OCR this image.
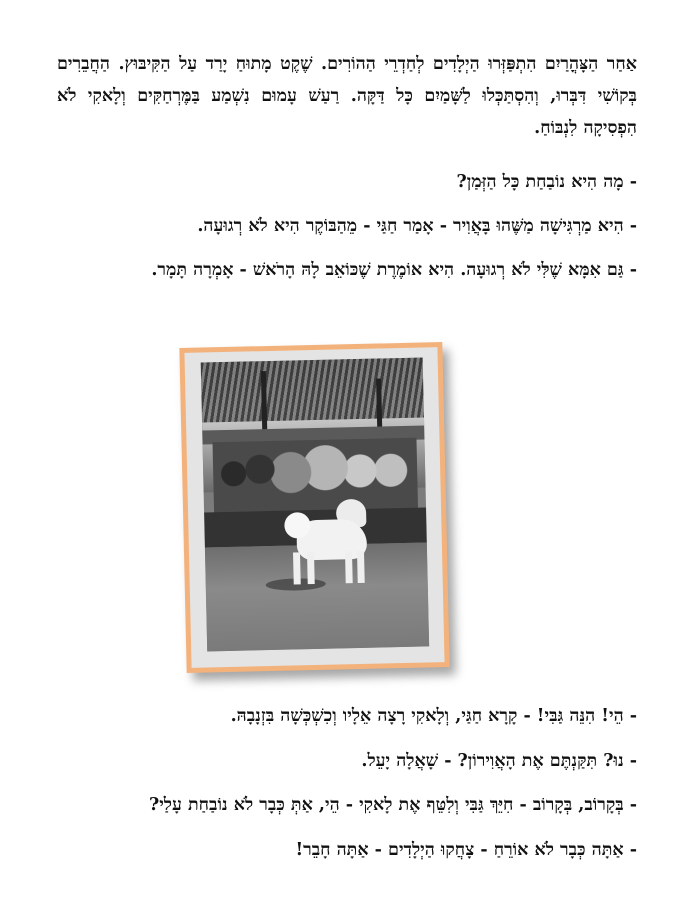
אַחַר הַצָּהֳרַיִם הִתְפַּזְּרוּ הַיְלָדִים לְחַדְרֵי הַהוֹרִים. שֶׁקֶט מָתוּחַ יָרַד עַל הַקִּיבּוּץ. הַחֲבֵרִים בְּקוֹשִׁי דִּבְּרוּ, וְהִסְתַּכְּלוּ לַשָּׁמַיִם כָּל דַּקָּה. רַעַשׁ עָמוּם נִשְׁמַע בַּמֶּרְחַקִּים וְלָאקִי לֹא הִפְסִיקָה לִנְבּוֹחַ.

- מָה הִיא נוֹבַחַת כָּל הַזְּמַן?
- הִיא מַרְגִּישָׁה מַשֶּׁהוּ בָּאֲוִיר - אָמַר חַגַּי - מֵהַבּוֹקֶר הִיא לֹא רְגוּעָה.
- גַּם אִמָּא שֶׁלִּי לֹא רְגוּעָה. הִיא אוֹמֶרֶת שֶׁכּוֹאֵב לָהּ הָרֹאשׁ - אָמְרָה תָּמָר.
- הֵי! הִנֵּה גַּבִּי! - קָרָא חַגַּי, וְלָאקִי רָצָה אֵלָיו וְכִשְׁכְּשָׁה בִּזְנָבָהּ.
- נוּ? תִּקַּנְתֶּם אֶת הָאֲוִירוֹן? - שָׁאֲלָה יָעֵל.
- בְּקָרוֹב, בְּקָרוֹב - חִיֵּךְ גַּבִּי וְלִטֵּף אֶת לָאקִי - הֵי, אַתְּ כְּבָר לֹא נוֹבַחַת עָלַי?
- אַתָּה כְּבָר לֹא אוֹרֵחַ - צָחֲקוּ הַיְלָדִים - אַתָּה חָבֵר!
